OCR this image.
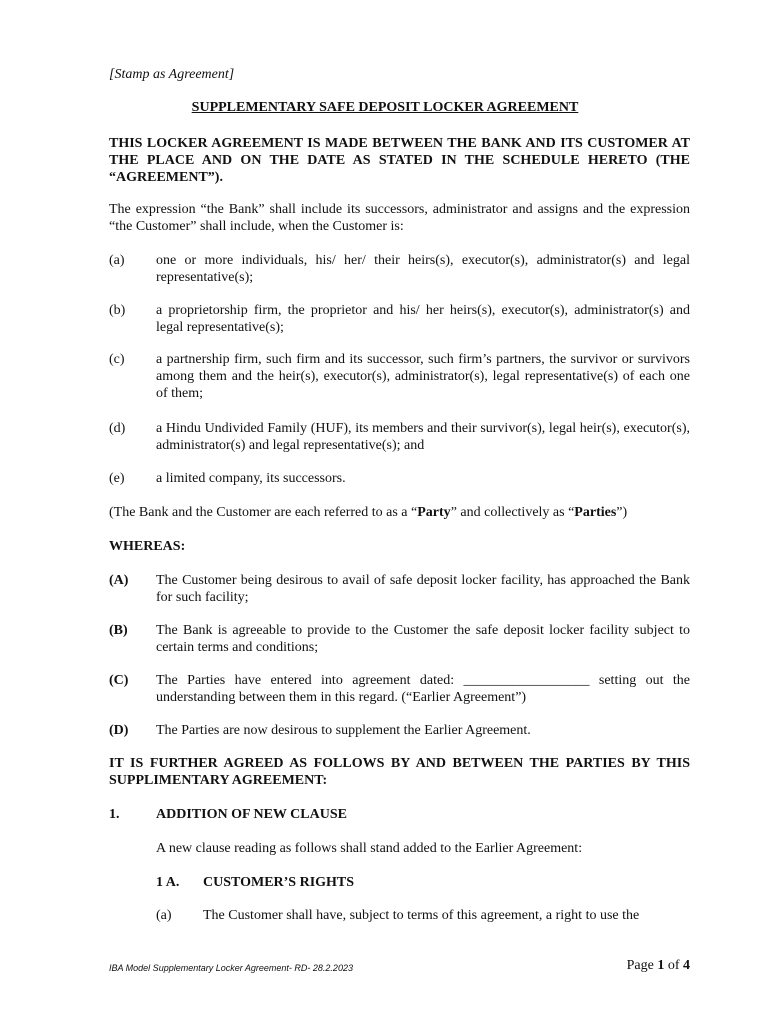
[Stamp as Agreement]
SUPPLEMENTARY SAFE DEPOSIT LOCKER AGREEMENT
THIS LOCKER AGREEMENT IS MADE BETWEEN THE BANK AND ITS CUSTOMER AT THE PLACE AND ON THE DATE AS STATED IN THE SCHEDULE HERETO (THE “AGREEMENT”).
The expression “the Bank” shall include its successors, administrator and assigns and the expression “the Customer” shall include, when the Customer is:
(a) one or more individuals, his/ her/ their heirs(s), executor(s), administrator(s) and legal representative(s);
(b) a proprietorship firm, the proprietor and his/ her heirs(s), executor(s), administrator(s) and legal representative(s);
(c) a partnership firm, such firm and its successor, such firm’s partners, the survivor or survivors among them and the heir(s), executor(s), administrator(s), legal representative(s) of each one of them;
(d) a Hindu Undivided Family (HUF), its members and their survivor(s), legal heir(s), executor(s), administrator(s) and legal representative(s); and
(e) a limited company, its successors.
(The Bank and the Customer are each referred to as a “Party” and collectively as “Parties”)
WHEREAS:
(A) The Customer being desirous to avail of safe deposit locker facility, has approached the Bank for such facility;
(B) The Bank is agreeable to provide to the Customer the safe deposit locker facility subject to certain terms and conditions;
(C) The Parties have entered into agreement dated: __________________ setting out the understanding between them in this regard. (“Earlier Agreement”)
(D) The Parties are now desirous to supplement the Earlier Agreement.
IT IS FURTHER AGREED AS FOLLOWS BY AND BETWEEN THE PARTIES BY THIS SUPPLIMENTARY AGREEMENT:
1.	ADDITION OF NEW CLAUSE
A new clause reading as follows shall stand added to the Earlier Agreement:
1 A. CUSTOMER’S RIGHTS
(a) The Customer shall have, subject to terms of this agreement, a right to use the
IBA Model Supplementary Locker Agreement- RD- 28.2.2023	Page 1 of 4
